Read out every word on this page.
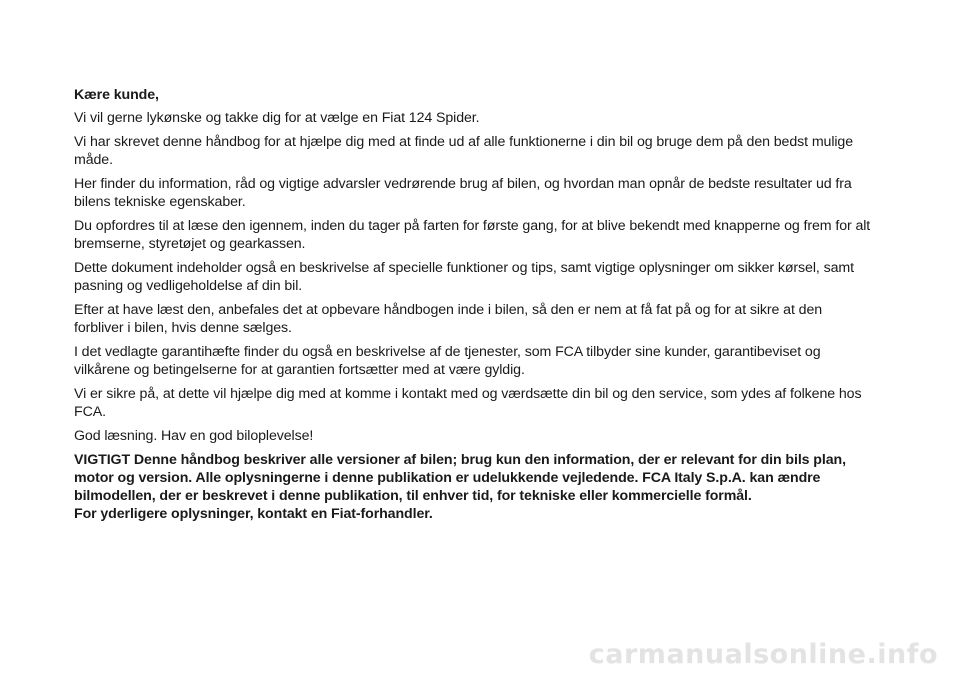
Kære kunde,

Vi vil gerne lykønske og takke dig for at vælge en Fiat 124 Spider.

Vi har skrevet denne håndbog for at hjælpe dig med at finde ud af alle funktionerne i din bil og bruge dem på den bedst mulige måde.

Her finder du information, råd og vigtige advarsler vedrørende brug af bilen, og hvordan man opnår de bedste resultater ud fra bilens tekniske egenskaber.

Du opfordres til at læse den igennem, inden du tager på farten for første gang, for at blive bekendt med knapperne og frem for alt bremserne, styretøjet og gearkassen.

Dette dokument indeholder også en beskrivelse af specielle funktioner og tips, samt vigtige oplysninger om sikker kørsel, samt pasning og vedligeholdelse af din bil.

Efter at have læst den, anbefales det at opbevare håndbogen inde i bilen, så den er nem at få fat på og for at sikre at den forbliver i bilen, hvis denne sælges.

I det vedlagte garantihæfte finder du også en beskrivelse af de tjenester, som FCA tilbyder sine kunder, garantibeviset og vilkårene og betingelserne for at garantien fortsætter med at være gyldig.

Vi er sikre på, at dette vil hjælpe dig med at komme i kontakt med og værdsætte din bil og den service, som ydes af folkene hos FCA.

God læsning. Hav en god biloplevelse!

VIGTIGT Denne håndbog beskriver alle versioner af bilen; brug kun den information, der er relevant for din bils plan, motor og version. Alle oplysningerne i denne publikation er udelukkende vejledende. FCA Italy S.p.A. kan ændre bilmodellen, der er beskrevet i denne publikation, til enhver tid, for tekniske eller kommercielle formål.
For yderligere oplysninger, kontakt en Fiat-forhandler.

carmanualsonline.info
